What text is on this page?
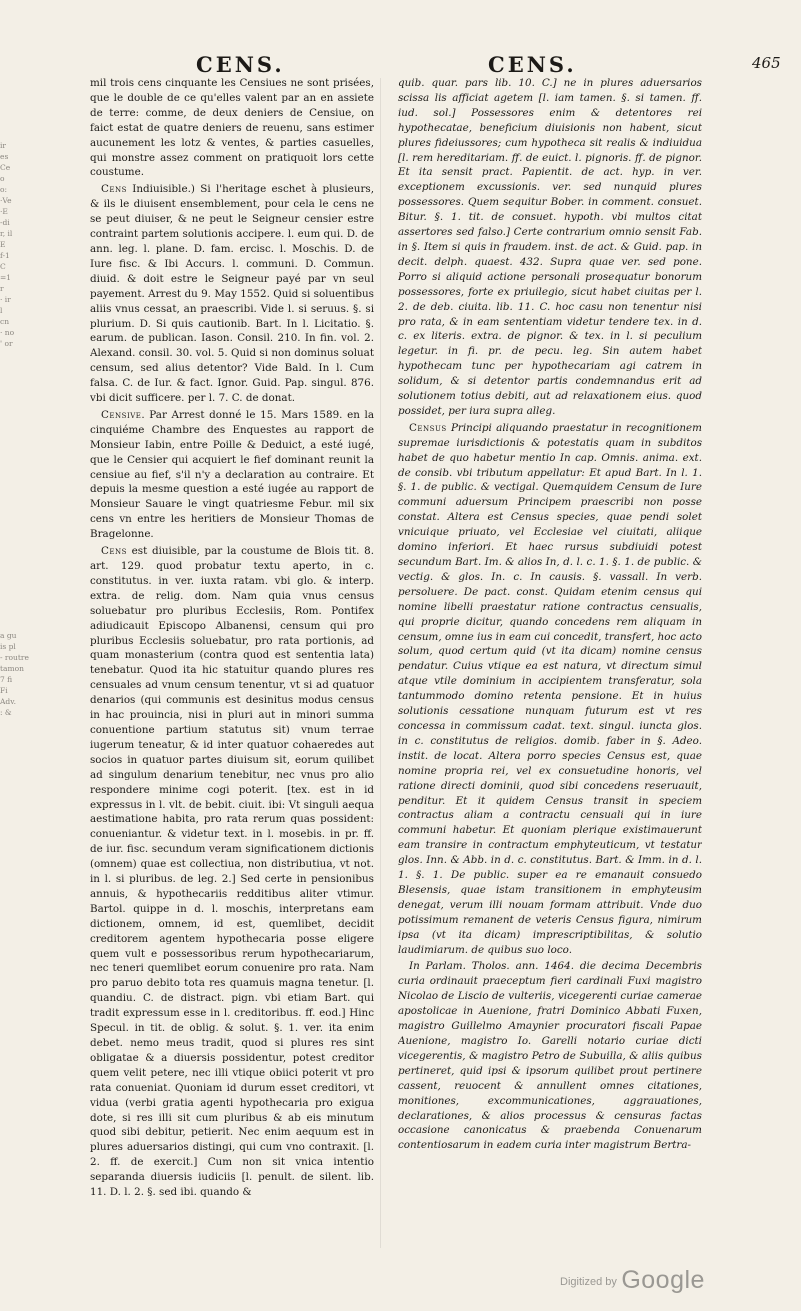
ir
es
Ce
o
o:
·Ve
·E
-di
r, il
E
f-1
C
=1
r
· ir
l
cn
· no
' or
a gu
is pl
- routre
tamon
7 fi
Fi
Adv.
: &
CENS.	CENS.	465

mil trois cens cinquante les Censiues ne sont prisées, que le double de ce qu'elles valent par an en assiete de terre: comme, de deux deniers de Censiue, on faict estat de quatre deniers de reuenu, sans estimer aucunement les lotz & ventes, & parties casuelles, qui monstre assez comment on pratiquoit lors cette coustume.

Cens Indiuisible.) Si l'heritage eschet à plusieurs, & ils le diuisent ensemblement, pour cela le cens ne se peut diuiser, & ne peut le Seigneur censier estre contraint partem solutionis accipere. l. eum qui. D. de ann. leg. l. plane. D. fam. ercisc. l. Moschis. D. de Iure fisc. & Ibi Accurs. l. communi. D. Commun. diuid. & doit estre le Seigneur payé par vn seul payement. Arrest du 9. May 1552. Quid si soluentibus aliis vnus cessat, an praescribi. Vide l. si seruus. §. si plurium. D. Si quis cautionib. Bart. In l. Licitatio. §. earum. de publican. Iason. Consil. 210. In fin. vol. 2. Alexand. consil. 30. vol. 5. Quid si non dominus soluat censum, sed alius detentor? Vide Bald. In l. Cum falsa. C. de Iur. & fact. Ignor. Guid. Pap. singul. 876. vbi dicit sufficere. per l. 7. C. de donat.

Censive. Par Arrest donné le 15. Mars 1589. en la cinquiéme Chambre des Enquestes au rapport de Monsieur Iabin, entre Poille & Deduict, a esté iugé, que le Censier qui acquiert le fief dominant reunit la censiue au fief, s'il n'y a declaration au contraire. Et depuis la mesme question a esté iugée au rapport de Monsieur Sauare le vingt quatriesme Febur. mil six cens vn entre les heritiers de Monsieur Thomas de Bragelonne.

Cens est diuisible, par la coustume de Blois tit. 8. art. 129. quod probatur textu aperto, in c. constitutus. in ver. iuxta ratam. vbi glo. & interp. extra. de relig. dom. Nam quia vnus census soluebatur pro pluribus Ecclesiis, Rom. Pontifex adiudicauit Episcopo Albanensi, censum qui pro pluribus Ecclesiis soluebatur, pro rata portionis, ad quam monasterium (contra quod est sententia lata) tenebatur. Quod ita hic statuitur quando plures res censuales ad vnum censum tenentur, vt si ad quatuor denarios (qui communis est desinitus modus census in hac prouincia, nisi in pluri aut in minori summa conuentione partium statutus sit) vnum terrae iugerum teneatur, & id inter quatuor cohaeredes aut socios in quatuor partes diuisum sit, eorum quilibet ad singulum denarium tenebitur, nec vnus pro alio respondere minime cogi poterit. [tex. est in id expressus in l. vlt. de bebit. ciuit. ibi: Vt singuli aequa aestimatione habita, pro rata rerum quas possident: conueniantur. & videtur text. in l. mosebis. in pr. ff. de iur. fisc. secundum veram significationem dictionis (omnem) quae est collectiua, non distributiua, vt not. in l. si pluribus. de leg. 2.] Sed certe in pensionibus annuis, & hypothecariis redditibus aliter vtimur. Bartol. quippe in d. l. moschis, interpretans eam dictionem, omnem, id est, quemlibet, decidit creditorem agentem hypothecaria posse eligere quem vult e possessoribus rerum hypothecariarum, nec teneri quemlibet eorum conuenire pro rata. Nam pro paruo debito tota res quamuis magna tenetur. [l. quandiu. C. de distract. pign. vbi etiam Bart. qui tradit expressum esse in l. creditoribus. ff. eod.] Hinc Specul. in tit. de oblig. & solut. §. 1. ver. ita enim debet. nemo meus tradit, quod si plures res sint obligatae & a diuersis possidentur, potest creditor quem velit petere, nec illi vtique obiici poterit vt pro rata conueniat. Quoniam id durum esset creditori, vt vidua (verbi gratia agenti hypothecaria pro exigua dote, si res illi sit cum pluribus & ab eis minutum quod sibi debitur, petierit. Nec enim aequum est in plures aduersarios distingi, qui cum vno contraxit. [l. 2. ff. de exercit.] Cum non sit vnica intentio separanda diuersis iudiciis [l. penult. de silent. lib. 11. D. l. 2. §. sed ibi. quando &

quib. quar. pars lib. 10. C.] ne in plures aduersarios scissa lis afficiat agetem [l. iam tamen. §. si tamen. ff. iud. sol.] Possessores enim & detentores rei hypothecatae, beneficium diuisionis non habent, sicut plures fideiussores; cum hypotheca sit realis & indiuidua [l. rem hereditariam. ff. de euict. l. pignoris. ff. de pignor. Et ita sensit pract. Papientit. de act. hyp. in ver. exceptionem excussionis. ver. sed nunquid plures possessores. Quem sequitur Bober. in comment. consuet. Bitur. §. 1. tit. de consuet. hypoth. vbi multos citat assertores sed falso.] Certe contrarium omnio sensit Fab. in §. Item si quis in fraudem. inst. de act. & Guid. pap. in decit. delph. quaest. 432. Supra quae ver. sed pone. Porro si aliquid actione personali prosequatur bonorum possessores, forte ex priuilegio, sicut habet ciuitas per l. 2. de deb. ciuita. lib. 11. C. hoc casu non tenentur nisi pro rata, & in eam sententiam videtur tendere tex. in d. c. ex literis. extra. de pignor. & tex. in l. si peculium legetur. in fi. pr. de pecu. leg. Sin autem habet hypothecam tunc per hypothecariam agi catrem in solidum, & si detentor partis condemnandus erit ad solutionem totius debiti, aut ad relaxationem eius. quod possidet, per iura supra alleg.

Census Principi aliquando praestatur in recognitionem supremae iurisdictionis & potestatis quam in subditos habet de quo habetur mentio In cap. Omnis. anima. ext. de consib. vbi tributum appellatur: Et apud Bart. In l. 1. §. 1. de public. & vectigal. Quemquidem Censum de Iure communi aduersum Principem praescribi non posse constat. Altera est Census species, quae pendi solet vnicuique priuato, vel Ecclesiae vel ciuitati, aliique domino inferiori. Et haec rursus subdiuidi potest secundum Bart. Im. & alios In, d. l. c. 1. §. 1. de public. & vectig. & glos. In. c. In causis. §. vassall. In verb. persoluere. De pact. const. Quidam etenim census qui nomine libelli praestatur ratione contractus censualis, qui proprie dicitur, quando concedens rem aliquam in censum, omne ius in eam cui concedit, transfert, hoc acto solum, quod certum quid (vt ita dicam) nomine census pendatur. Cuius vtique ea est natura, vt directum simul atque vtile dominium in accipientem transferatur, sola tantummodo domino retenta pensione. Et in huius solutionis cessatione nunquam futurum est vt res concessa in commissum cadat. text. singul. iuncta glos. in c. constitutus de religios. domib. faber in §. Adeo. instit. de locat. Altera porro species Census est, quae nomine propria rei, vel ex consuetudine honoris, vel ratione directi dominii, quod sibi concedens reseruauit, penditur. Et it quidem Census transit in speciem contractus aliam a contractu censuali qui in iure communi habetur. Et quoniam plerique existimauerunt eam transire in contractum emphyteuticum, vt testatur glos. Inn. & Abb. in d. c. constitutus. Bart. & Imm. in d. l. 1. §. 1. De public. super ea re emanauit consuedo Blesensis, quae istam transitionem in emphyteusim denegat, verum illi nouam formam attribuit. Vnde duo potissimum remanent de veteris Census figura, nimirum ipsa (vt ita dicam) imprescriptibilitas, & solutio laudimiarum. de quibus suo loco.

In Parlam. Tholos. ann. 1464. die decima Decembris curia ordinauit praeceptum fieri cardinali Fuxi magistro Nicolao de Liscio de vulteriis, vicegerenti curiae camerae apostolicae in Auenione, fratri Dominico Abbati Fuxen, magistro Guillelmo Amaynier procuratori fiscali Papae Auenione, magistro Io. Garelli notario curiae dicti vicegerentis, & magistro Petro de Subuilla, & aliis quibus pertineret, quid ipsi & ipsorum quilibet prout pertinere cassent, reuocent & annullent omnes citationes, monitiones, excommunicationes, aggrauationes, declarationes, & alios processus & censuras factas occasione canonicatus & praebenda Conuenarum contentiosarum in eadem curia inter magistrum Bertra-

Digitized by Google
